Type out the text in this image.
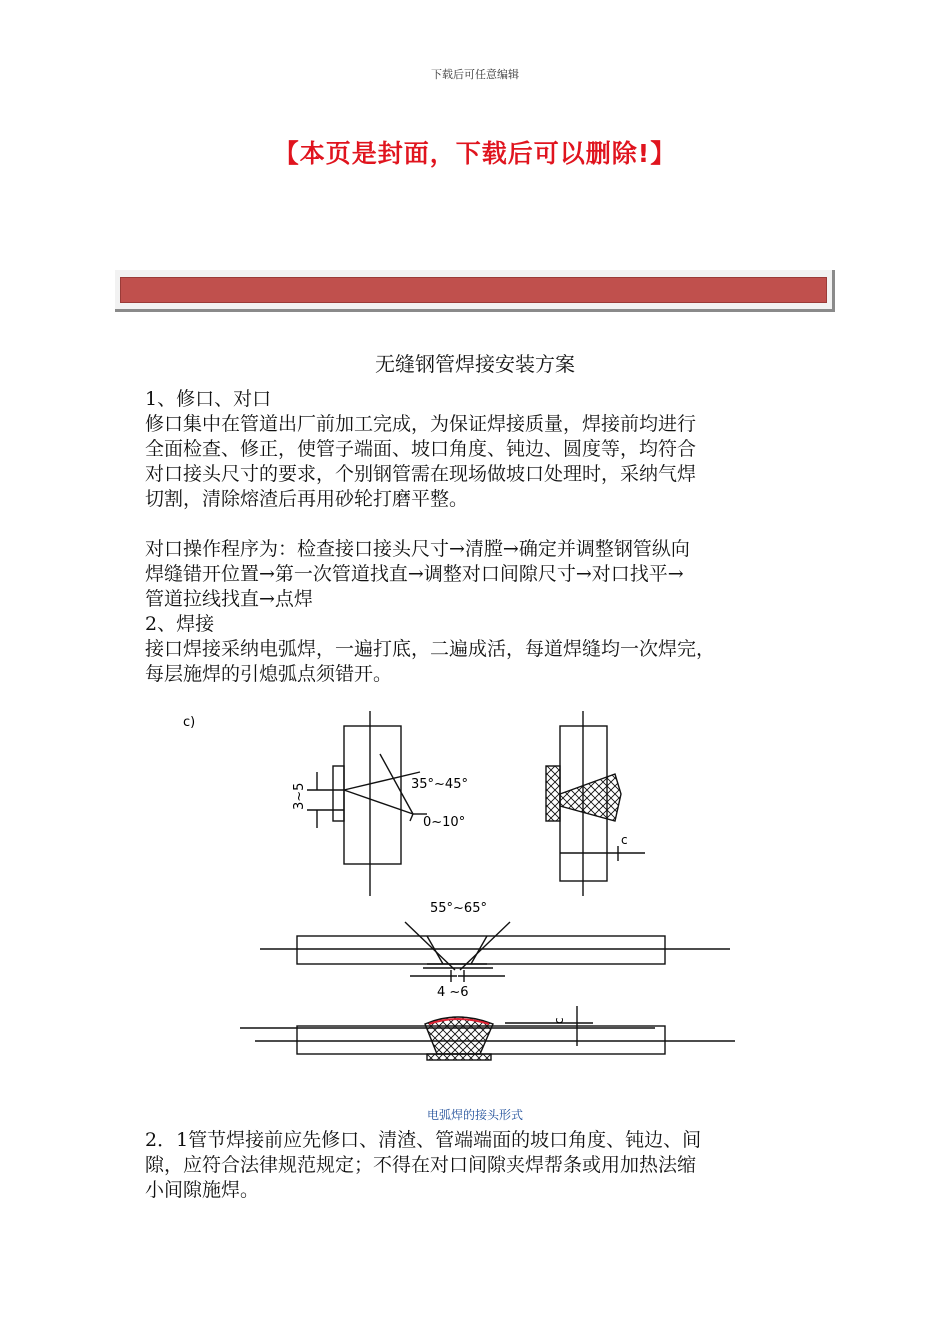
下载后可任意编辑
【本页是封面，下载后可以删除!】
无缝钢管焊接安装方案

1、修口、对口

修口集中在管道出厂前加工完成，为保证焊接质量，焊接前均进行

全面检查、修正，使管子端面、坡口角度、钝边、圆度等，均符合

对口接头尺寸的要求，个别钢管需在现场做坡口处理时，采纳气焊

切割，清除熔渣后再用砂轮打磨平整。

对口操作程序为：检查接口接头尺寸→清膛→确定并调整钢管纵向

焊缝错开位置→第一次管道找直→调整对口间隙尺寸→对口找平→

管道拉线找直→点焊

2、焊接

接口焊接采纳电弧焊，一遍打底，二遍成活，每道焊缝均一次焊完，

每层施焊的引熄弧点须错开。

c)
3~5	35°~45°
0~10°
c
55°~65°
4 ~6
c
电弧焊的接头形式

2．1管节焊接前应先修口、清渣、管端端面的坡口角度、钝边、间

隙，应符合法律规范规定；不得在对口间隙夹焊帮条或用加热法缩

小间隙施焊。
